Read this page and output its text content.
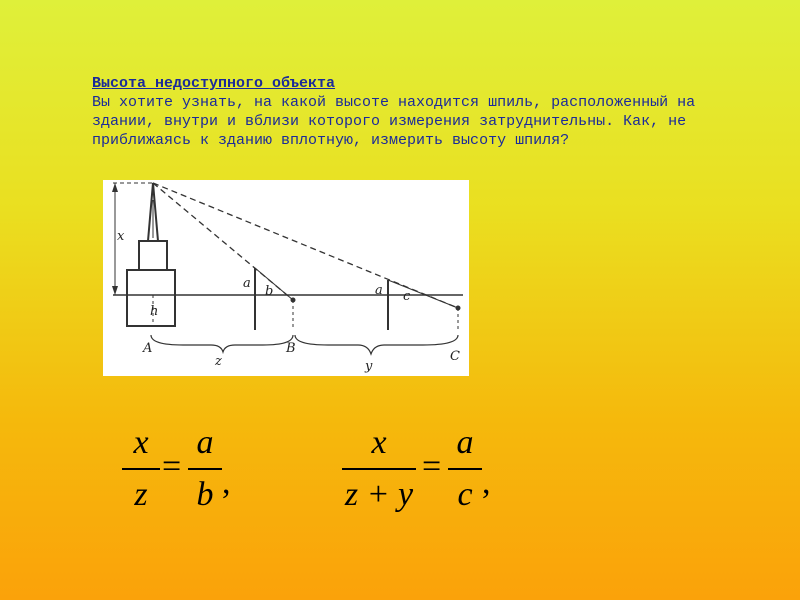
Высота недоступного объекта
Вы хотите узнать, на какой высоте находится шпиль, расположенный на
здании, внутри и вблизи которого измерения затруднительны. Как, не
приближаясь к зданию вплотную, измерить высоту шпиля?
x
h
a
b	a c
A
z
B
y
C
x
z
=
a
b ,
x
z + y
=
a
c ,
